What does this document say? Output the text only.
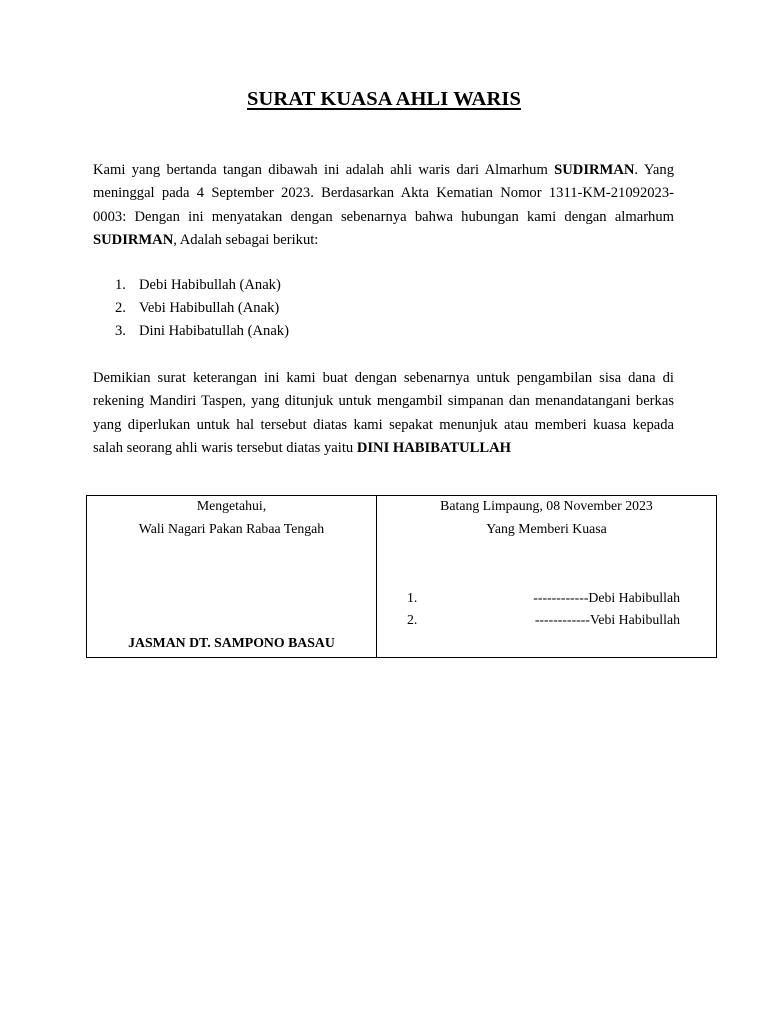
SURAT KUASA AHLI WARIS

Kami yang bertanda tangan dibawah ini adalah ahli waris dari Almarhum SUDIRMAN. Yang meninggal pada 4 September 2023. Berdasarkan Akta Kematian Nomor 1311-KM-21092023-0003: Dengan ini menyatakan dengan sebenarnya bahwa hubungan kami dengan almarhum SUDIRMAN, Adalah sebagai berikut:

1. Debi Habibullah (Anak)
2. Vebi Habibullah (Anak)
3. Dini Habibatullah (Anak)

Demikian surat keterangan ini kami buat dengan sebenarnya untuk pengambilan sisa dana di rekening Mandiri Taspen, yang ditunjuk untuk mengambil simpanan dan menandatangani berkas yang diperlukan untuk hal tersebut diatas kami sepakat menunjuk atau memberi kuasa kepada salah seorang ahli waris tersebut diatas yaitu DINI HABIBATULLAH

Mengetahui,
Wali Nagari Pakan Rabaa Tengah
JASMAN DT. SAMPONO BASAU
Batang Limpaung, 08 November 2023
Yang Memberi Kuasa
1.	------------Debi Habibullah
2.	------------Vebi Habibullah
